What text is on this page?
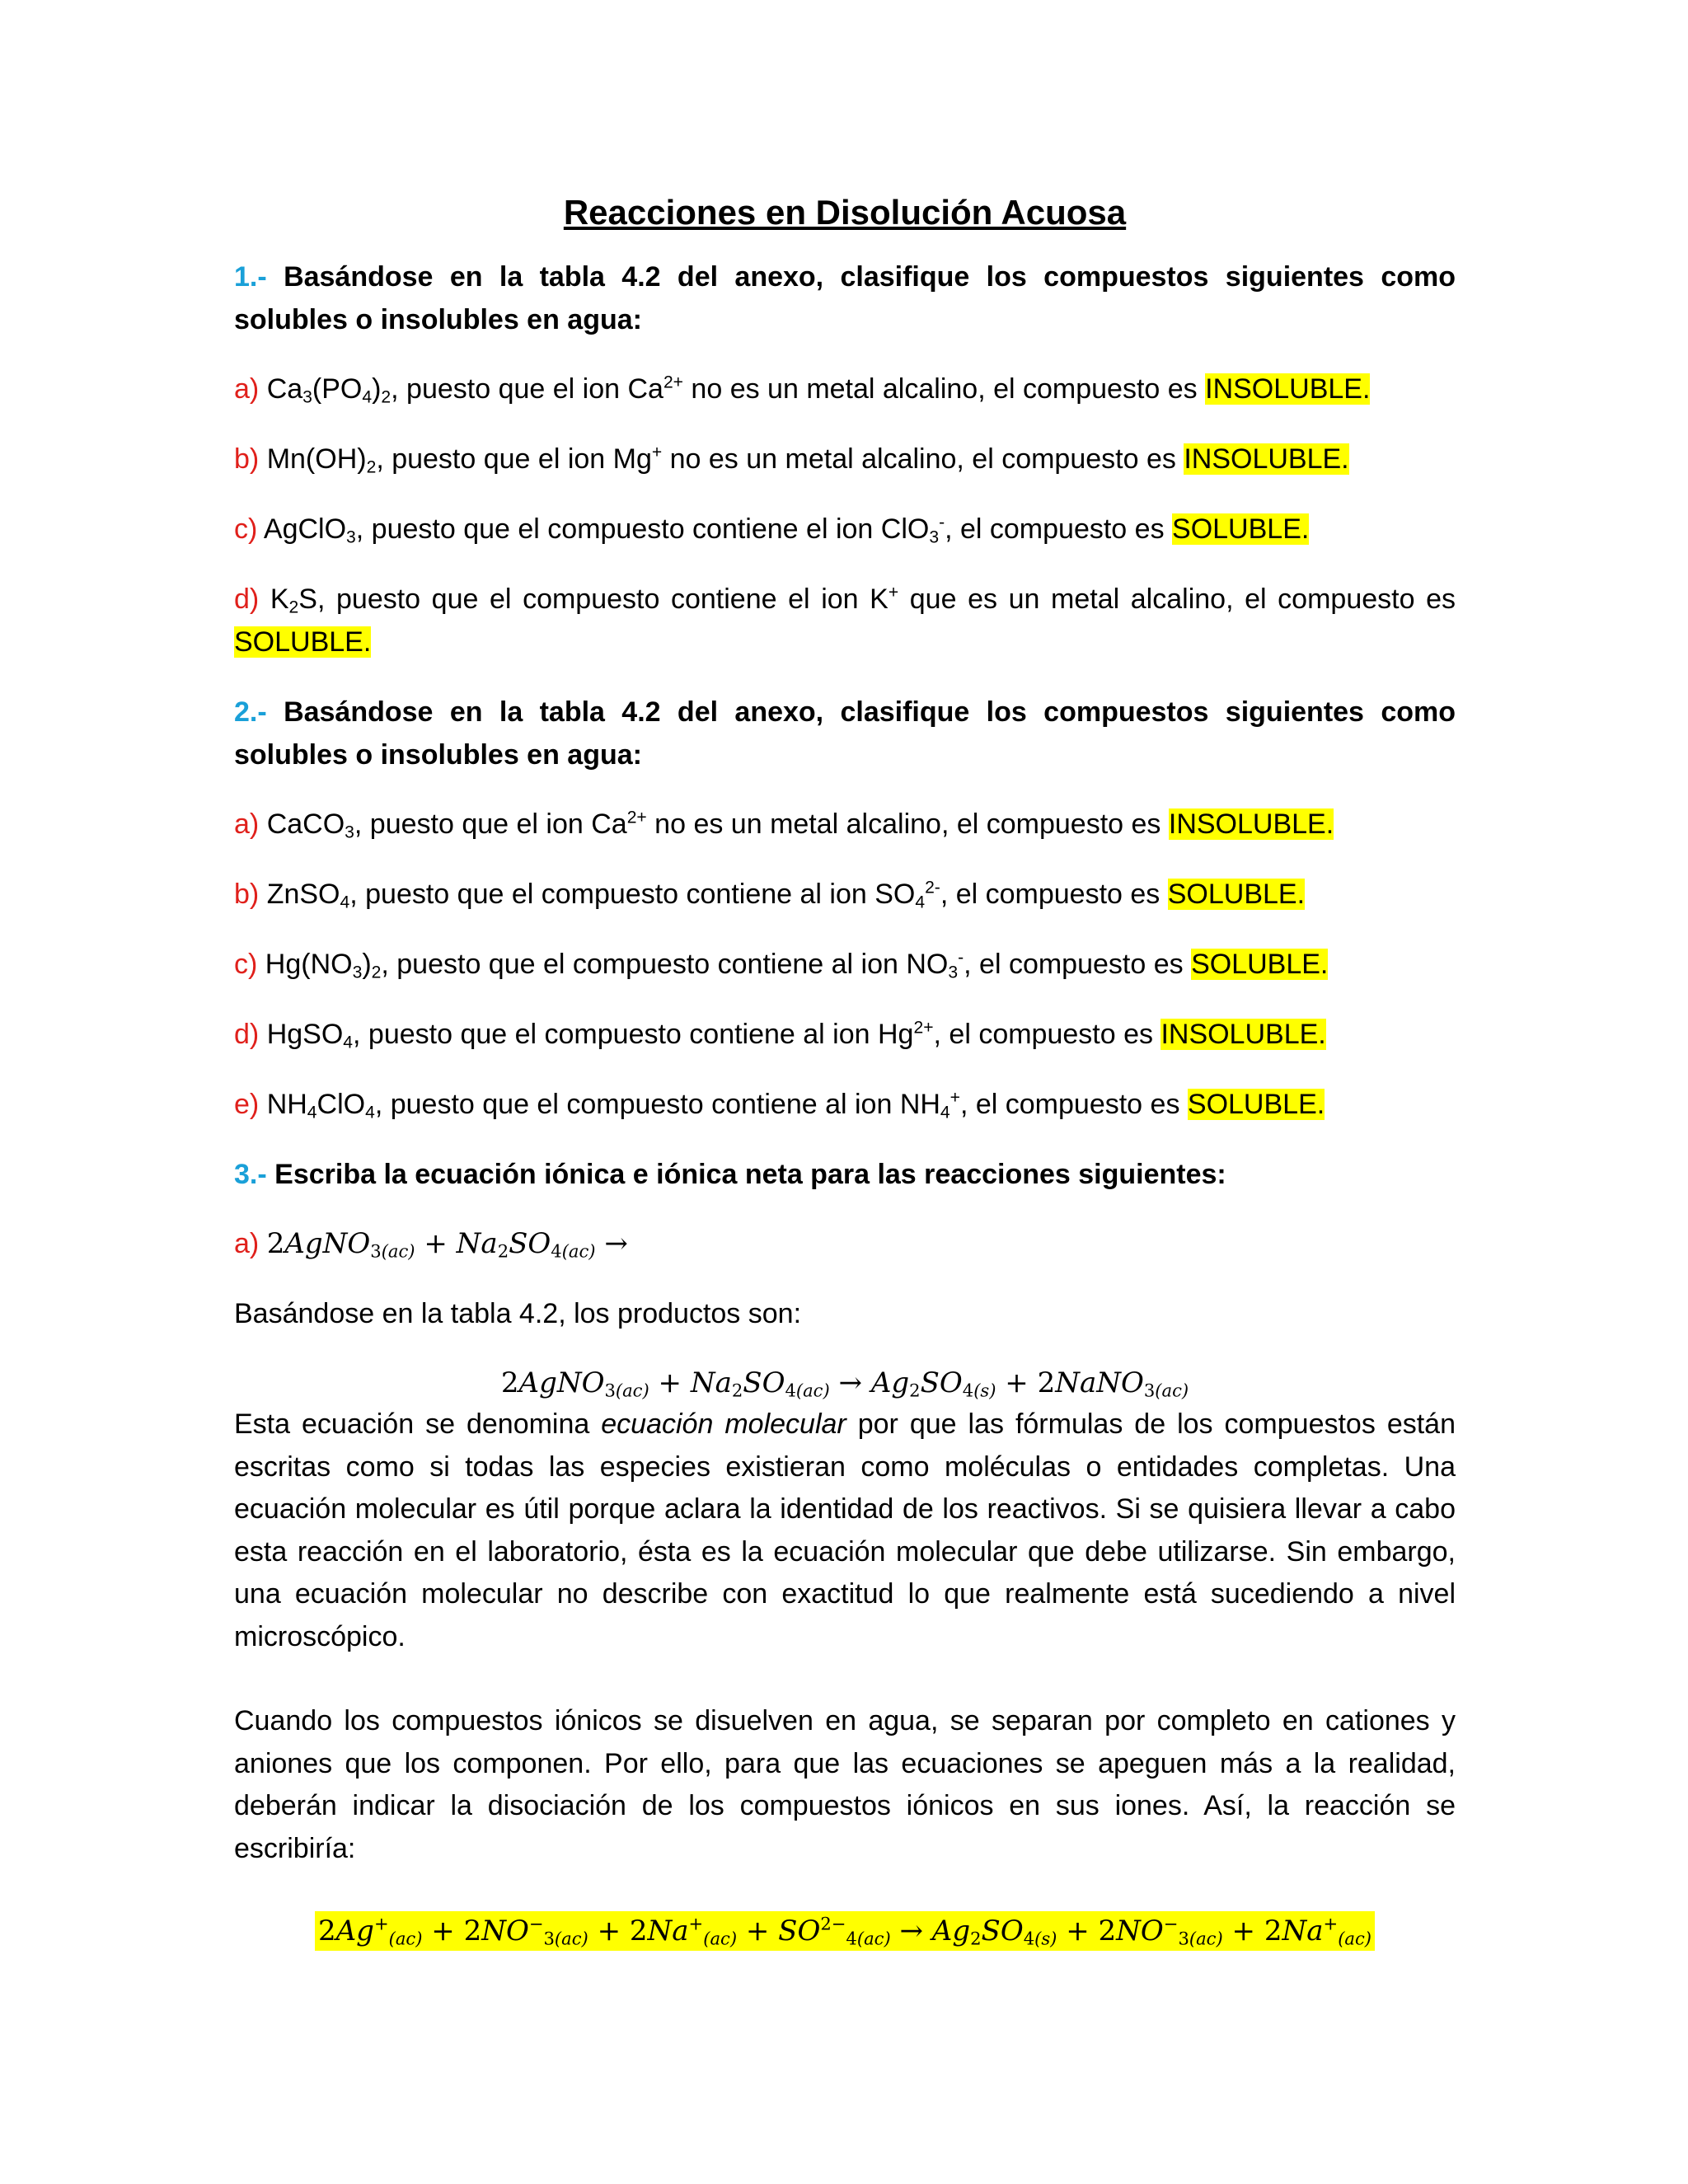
Reacciones en Disolución Acuosa
1.- Basándose en la tabla 4.2 del anexo, clasifique los compuestos siguientes como solubles o insolubles en agua:
a) $Ca_3(PO_4)_2$, puesto que el ion $Ca^{2+}$ no es un metal alcalino, el compuesto es INSOLUBLE.
b) $Mn(OH)_2$, puesto que el ion Mg+ no es un metal alcalino, el compuesto es INSOLUBLE.
c) AgClO$_3$, puesto que el compuesto contiene el ion ClO$_3$-, el compuesto es SOLUBLE.
d) $K_2S$, puesto que el compuesto contiene el ion K+ que es un metal alcalino, el compuesto es SOLUBLE.
2.- Basándose en la tabla 4.2 del anexo, clasifique los compuestos siguientes como solubles o insolubles en agua:
a) CaCO$_3$, puesto que el ion $Ca^{2+}$ no es un metal alcalino, el compuesto es INSOLUBLE.
b) ZnSO$_4$, puesto que el compuesto contiene al ion $SO_4^{2-}$, el compuesto es SOLUBLE.
c) $Hg(NO_3)_2$, puesto que el compuesto contiene al ion $NO_3^-$, el compuesto es SOLUBLE.
d) HgSO$_4$, puesto que el compuesto contiene al ion $Hg^{2+}$, el compuesto es INSOLUBLE.
e) $NH_4ClO_4$, puesto que el compuesto contiene al ion $NH_4^+$, el compuesto es SOLUBLE.
3.- Escriba la ecuación iónica e iónica neta para las reacciones siguientes:
a) 2AgNO$_{3(ac)}$ + $Na_2SO_{4(ac)}$ →
Basándose en la tabla 4.2, los productos son:
2AgNO$_{3(ac)}$ + $Na_2SO_{4(ac)} \to Ag_2SO_{4(s)}$ + 2NaNO$_{3(ac)}$
Esta ecuación se denomina ecuación molecular por que las fórmulas de los compuestos están escritas como si todas las especies existieran como moléculas o entidades completas. Una ecuación molecular es útil porque aclara la identidad de los reactivos. Si se quisiera llevar a cabo esta reacción en el laboratorio, ésta es la ecuación molecular que debe utilizarse. Sin embargo, una ecuación molecular no describe con exactitud lo que realmente está sucediendo a nivel microscópico.
Cuando los compuestos iónicos se disuelven en agua, se separan por completo en cationes y aniones que los componen. Por ello, para que las ecuaciones se apeguen más a la realidad, deberán indicar la disociación de los compuestos iónicos en sus iones. Así, la reacción se escribiría:
$2Ag^+_{(ac)} + 2NO^-_{3(ac)} + 2Na^+_{(ac)} + SO^{2-}_{4(ac)} \to Ag_2SO_{4(s)} + 2NO^-_{3(ac)} + 2Na^+_{(ac)}$
